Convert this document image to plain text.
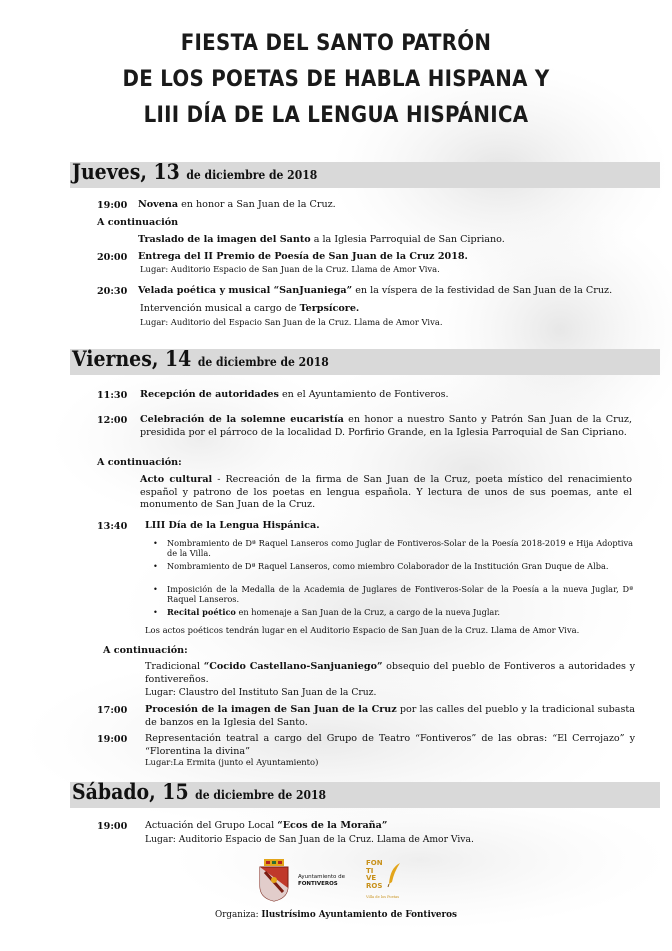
FIESTA DEL SANTO PATRÓN
DE LOS POETAS DE HABLA HISPANA Y
LIII DÍA DE LA LENGUA HISPÁNICA
Jueves, 13 de diciembre de 2018
19:00 Novena en honor a San Juan de la Cruz.
A continuación
Traslado de la imagen del Santo a la Iglesia Parroquial de San Cipriano.
20:00 Entrega del II Premio de Poesía de San Juan de la Cruz 2018.
Lugar: Auditorio Espacio de San Juan de la Cruz. Llama de Amor Viva.
20:30 Velada poética y musical “SanJuaniega” en la víspera de la festividad de San Juan de la Cruz.
Intervención musical a cargo de Terpsícore.
Lugar: Auditorio del Espacio San Juan de la Cruz. Llama de Amor Viva.
Viernes, 14 de diciembre de 2018
11:30 Recepción de autoridades en el Ayuntamiento de Fontiveros.
12:00 Celebración de la solemne eucaristía en honor a nuestro Santo y Patrón San Juan de la Cruz, presidida por el párroco de la localidad D. Porfirio Grande, en la Iglesia Parroquial de San Cipriano.
A continuación:
Acto cultural - Recreación de la firma de San Juan de la Cruz, poeta místico del renacimiento español y patrono de los poetas en lengua española. Y lectura de unos de sus poemas, ante el monumento de San Juan de la Cruz.
13:40 LIII Día de la Lengua Hispánica.
• Nombramiento de Dª Raquel Lanseros como Juglar de Fontiveros-Solar de la Poesía 2018-2019 e Hija Adoptiva de la Villa.
• Nombramiento de Dª Raquel Lanseros, como miembro Colaborador de la Institución Gran Duque de Alba.
• Imposición de la Medalla de la Academia de Juglares de Fontiveros-Solar de la Poesía a la nueva Juglar, Dª Raquel Lanseros.
• Recital poético en homenaje a San Juan de la Cruz, a cargo de la nueva Juglar.
Los actos poéticos tendrán lugar en el Auditorio Espacio de San Juan de la Cruz. Llama de Amor Viva.
A continuación:
Tradicional “Cocido Castellano-Sanjuaniego” obsequio del pueblo de Fontiveros a autoridades y fontivereños.
Lugar: Claustro del Instituto San Juan de la Cruz.
17:00 Procesión de la imagen de San Juan de la Cruz por las calles del pueblo y la tradicional subasta de banzos en la Iglesia del Santo.
19:00 Representación teatral a cargo del Grupo de Teatro “Fontiveros” de las obras: “El Cerrojazo” y “Florentina la divina”
Lugar:La Ermita (junto el Ayuntamiento)
Sábado, 15 de diciembre de 2018
19:00 Actuación del Grupo Local “Ecos de la Moraña”
Lugar: Auditorio Espacio de San Juan de la Cruz. Llama de Amor Viva.
Ayuntamiento de
FONTIVEROS
FON
TI
VE
ROS
Villa de los Poetas
Organiza: Ilustrísimo Ayuntamiento de Fontiveros
